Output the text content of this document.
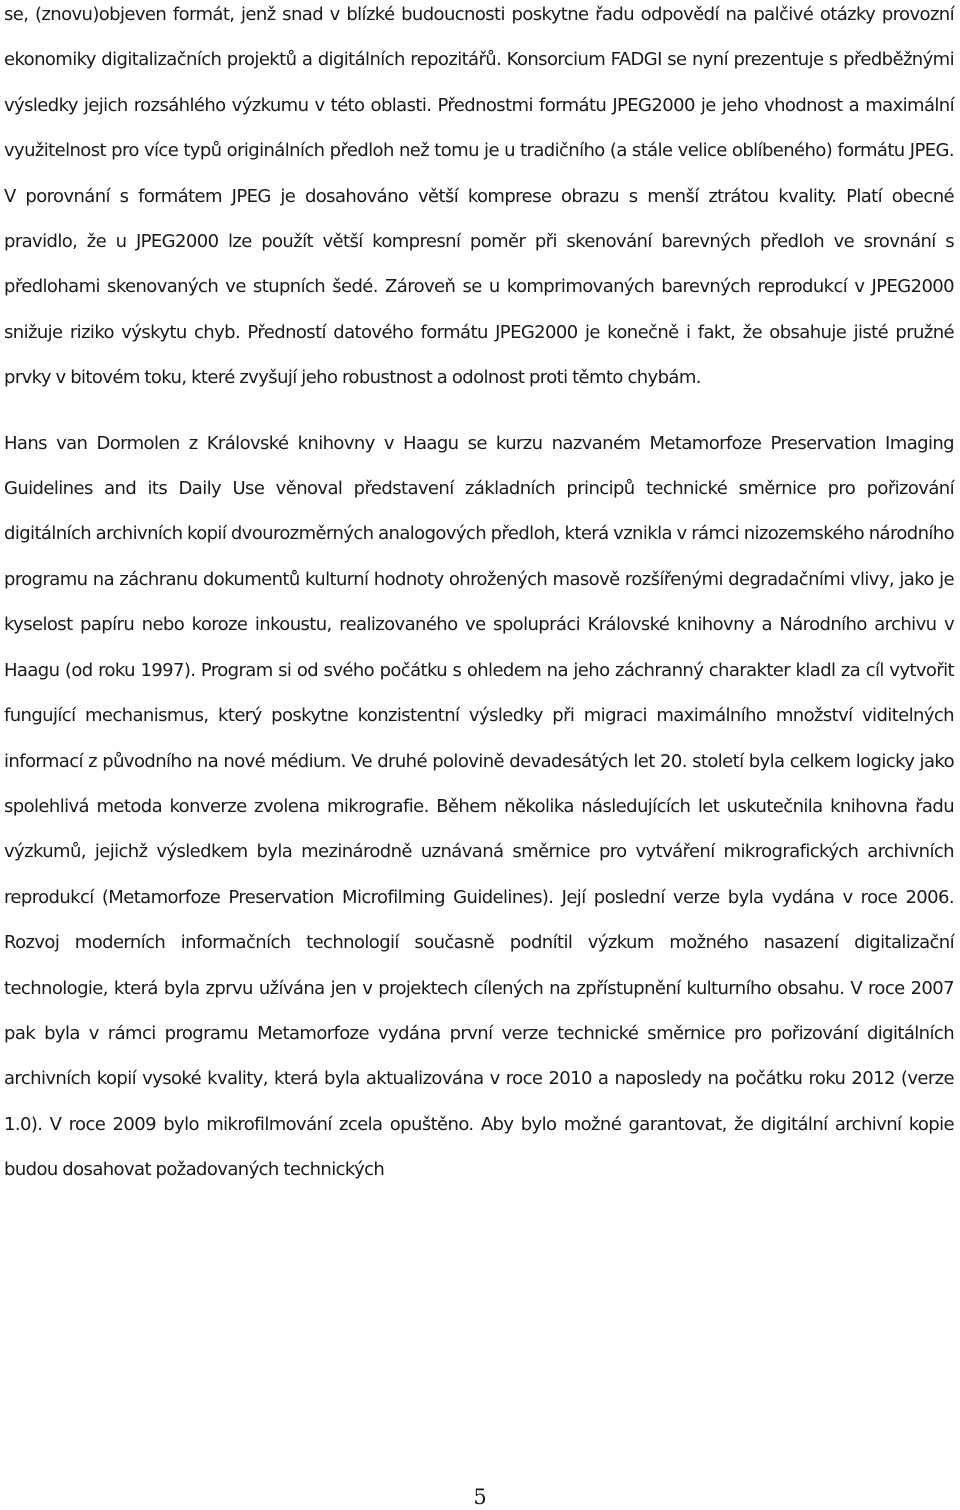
se, (znovu)objeven formát, jenž snad v blízké budoucnosti poskytne řadu odpovědí na palčivé otázky provozní ekonomiky digitalizačních projektů a digitálních repozitářů. Konsorcium FADGI se nyní prezentuje s předběžnými výsledky jejich rozsáhlého výzkumu v této oblasti. Přednostmi formátu JPEG2000 je jeho vhodnost a maximální využitelnost pro více typů originálních předloh než tomu je u tradičního (a stále velice oblíbeného) formátu JPEG. V porovnání s formátem JPEG je dosahováno větší komprese obrazu s menší ztrátou kvality. Platí obecné pravidlo, že u JPEG2000 lze použít větší kompresní poměr při skenování barevných předloh ve srovnání s předlohami skenovaných ve stupních šedé. Zároveň se u komprimovaných barevných reprodukcí v JPEG2000 snižuje riziko výskytu chyb. Předností datového formátu JPEG2000 je konečně i fakt, že obsahuje jisté pružné prvky v bitovém toku, které zvyšují jeho robustnost a odolnost proti těmto chybám.

Hans van Dormolen z Královské knihovny v Haagu se kurzu nazvaném Metamorfoze Preservation Imaging Guidelines and its Daily Use věnoval představení základních principů technické směrnice pro pořizování digitálních archivních kopií dvourozměrných analogových předloh, která vznikla v rámci nizozemského národního programu na záchranu dokumentů kulturní hodnoty ohrožených masově rozšířenými degradačními vlivy, jako je kyselost papíru nebo koroze inkoustu, realizovaného ve spolupráci Královské knihovny a Národního archivu v Haagu (od roku 1997). Program si od svého počátku s ohledem na jeho záchranný charakter kladl za cíl vytvořit fungující mechanismus, který poskytne konzistentní výsledky při migraci maximálního množství viditelných informací z původního na nové médium. Ve druhé polovině devadesátých let 20. století byla celkem logicky jako spolehlivá metoda konverze zvolena mikrografie. Během několika následujících let uskutečnila knihovna řadu výzkumů, jejichž výsledkem byla mezinárodně uznávaná směrnice pro vytváření mikrografických archivních reprodukcí (Metamorfoze Preservation Microfilming Guidelines). Její poslední verze byla vydána v roce 2006. Rozvoj moderních informačních technologií současně podnítil výzkum možného nasazení digitalizační technologie, která byla zprvu užívána jen v projektech cílených na zpřístupnění kulturního obsahu. V roce 2007 pak byla v rámci programu Metamorfoze vydána první verze technické směrnice pro pořizování digitálních archivních kopií vysoké kvality, která byla aktualizována v roce 2010 a naposledy na počátku roku 2012 (verze 1.0). V roce 2009 bylo mikrofilmování zcela opuštěno. Aby bylo možné garantovat, že digitální archivní kopie budou dosahovat požadovaných technických

5
